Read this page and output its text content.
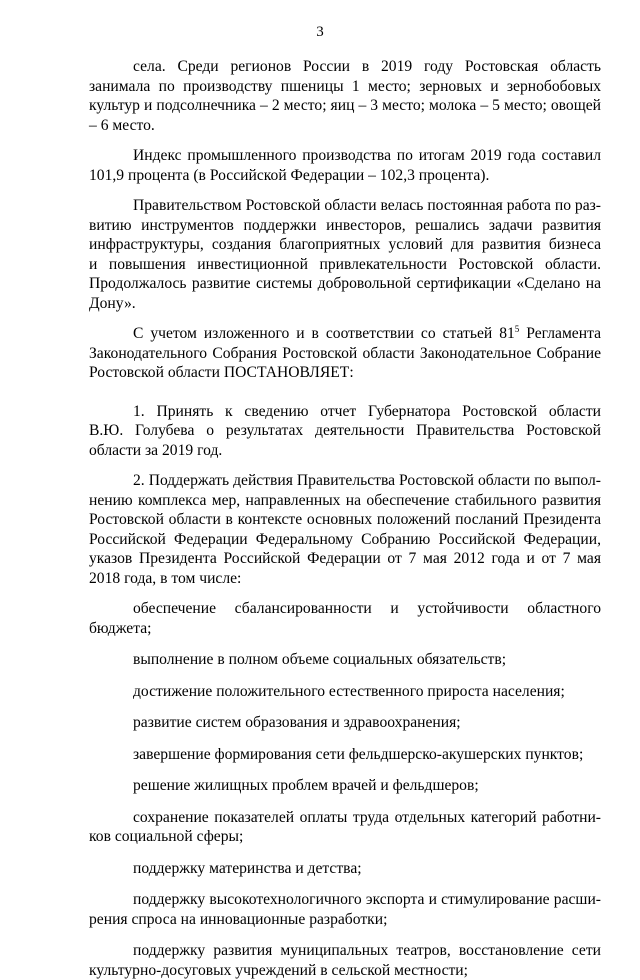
3

села. Среди регионов России в 2019 году Ростовская область занимала по производству пшеницы 1 место; зерновых и зернобобовых культур и подсолнечника – 2 место; яиц – 3 место; молока – 5 место; овощей – 6 место.

Индекс промышленного производства по итогам 2019 года составил 101,9 процента (в Российской Федерации – 102,3 процента).

Правительством Ростовской области велась постоянная работа по развитию инструментов поддержки инвесторов, решались задачи развития инфраструктуры, создания благоприятных условий для развития бизнеса и повышения инвестиционной привлекательности Ростовской области. Продолжалось развитие системы добровольной сертификации «Сделано на Дону».

С учетом изложенного и в соответствии со статьей $81^5$ Регламента Законодательного Собрания Ростовской области Законодательное Собрание Ростовской области ПОСТАНОВЛЯЕТ:

1. Принять к сведению отчет Губернатора Ростовской области В.Ю. Голубева о результатах деятельности Правительства Ростовской области за 2019 год.

2. Поддержать действия Правительства Ростовской области по выполнению комплекса мер, направленных на обеспечение стабильного развития Ростовской области в контексте основных положений посланий Президента Российской Федерации Федеральному Собранию Российской Федерации, указов Президента Российской Федерации от 7 мая 2012 года и от 7 мая 2018 года, в том числе:

обеспечение сбалансированности и устойчивости областного бюджета;

выполнение в полном объеме социальных обязательств;

достижение положительного естественного прироста населения;

развитие систем образования и здравоохранения;

завершение формирования сети фельдшерско-акушерских пунктов;

решение жилищных проблем врачей и фельдшеров;

сохранение показателей оплаты труда отдельных категорий работников социальной сферы;

поддержку материнства и детства;

поддержку высокотехнологичного экспорта и стимулирование расширения спроса на инновационные разработки;

поддержку развития муниципальных театров, восстановление сети культурно-досуговых учреждений в сельской местности;
